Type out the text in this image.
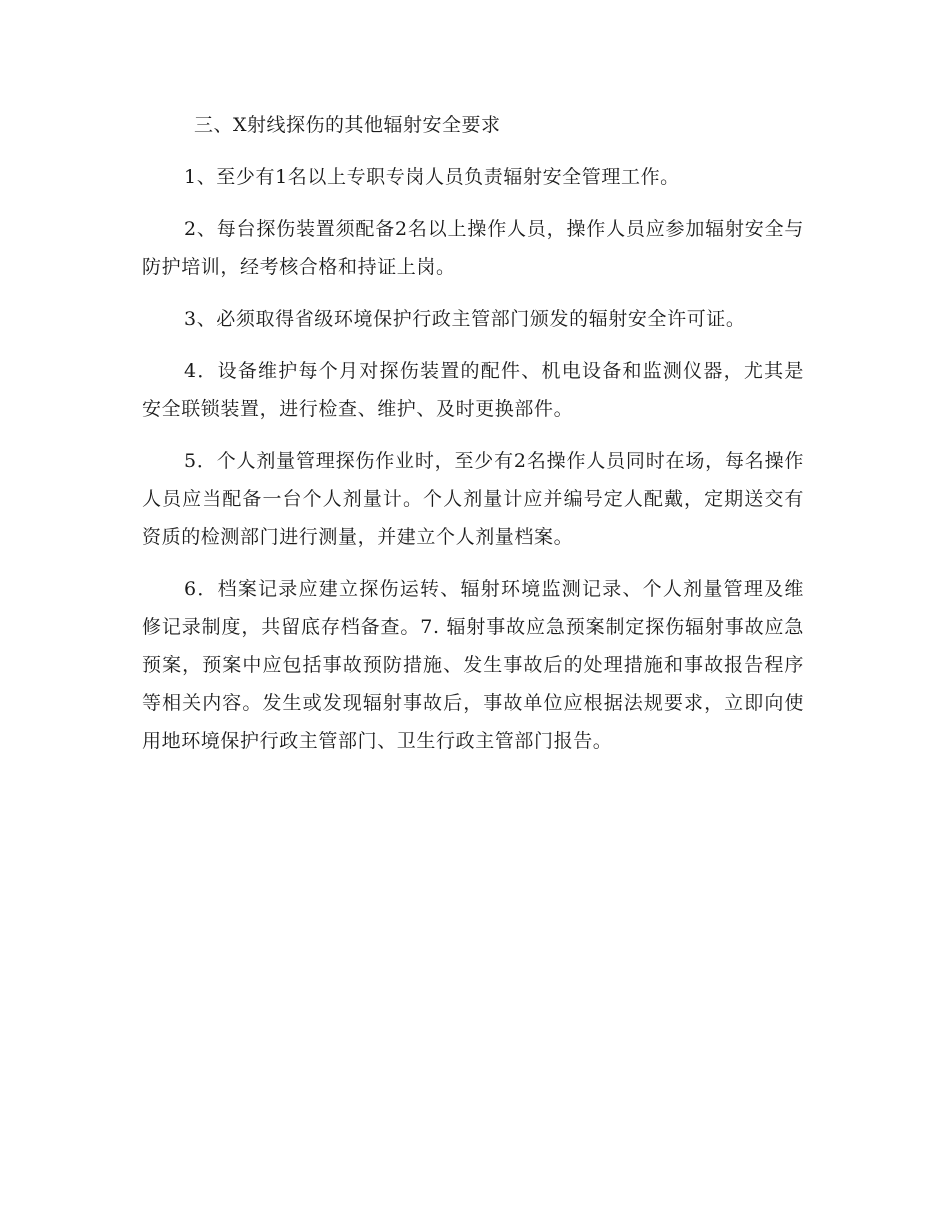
三、X射线探伤的其他辐射安全要求

1、至少有1名以上专职专岗人员负责辐射安全管理工作。

2、每台探伤装置须配备2名以上操作人员，操作人员应参加辐射安全与防护培训，经考核合格和持证上岗。

3、必须取得省级环境保护行政主管部门颁发的辐射安全许可证。

4．设备维护每个月对探伤装置的配件、机电设备和监测仪器，尤其是安全联锁装置，进行检查、维护、及时更换部件。

5．个人剂量管理探伤作业时，至少有2名操作人员同时在场，每名操作人员应当配备一台个人剂量计。个人剂量计应并编号定人配戴，定期送交有资质的检测部门进行测量，并建立个人剂量档案。

6．档案记录应建立探伤运转、辐射环境监测记录、个人剂量管理及维修记录制度，共留底存档备查。7. 辐射事故应急预案制定探伤辐射事故应急预案，预案中应包括事故预防措施、发生事故后的处理措施和事故报告程序等相关内容。发生或发现辐射事故后，事故单位应根据法规要求，立即向使用地环境保护行政主管部门、卫生行政主管部门报告。
